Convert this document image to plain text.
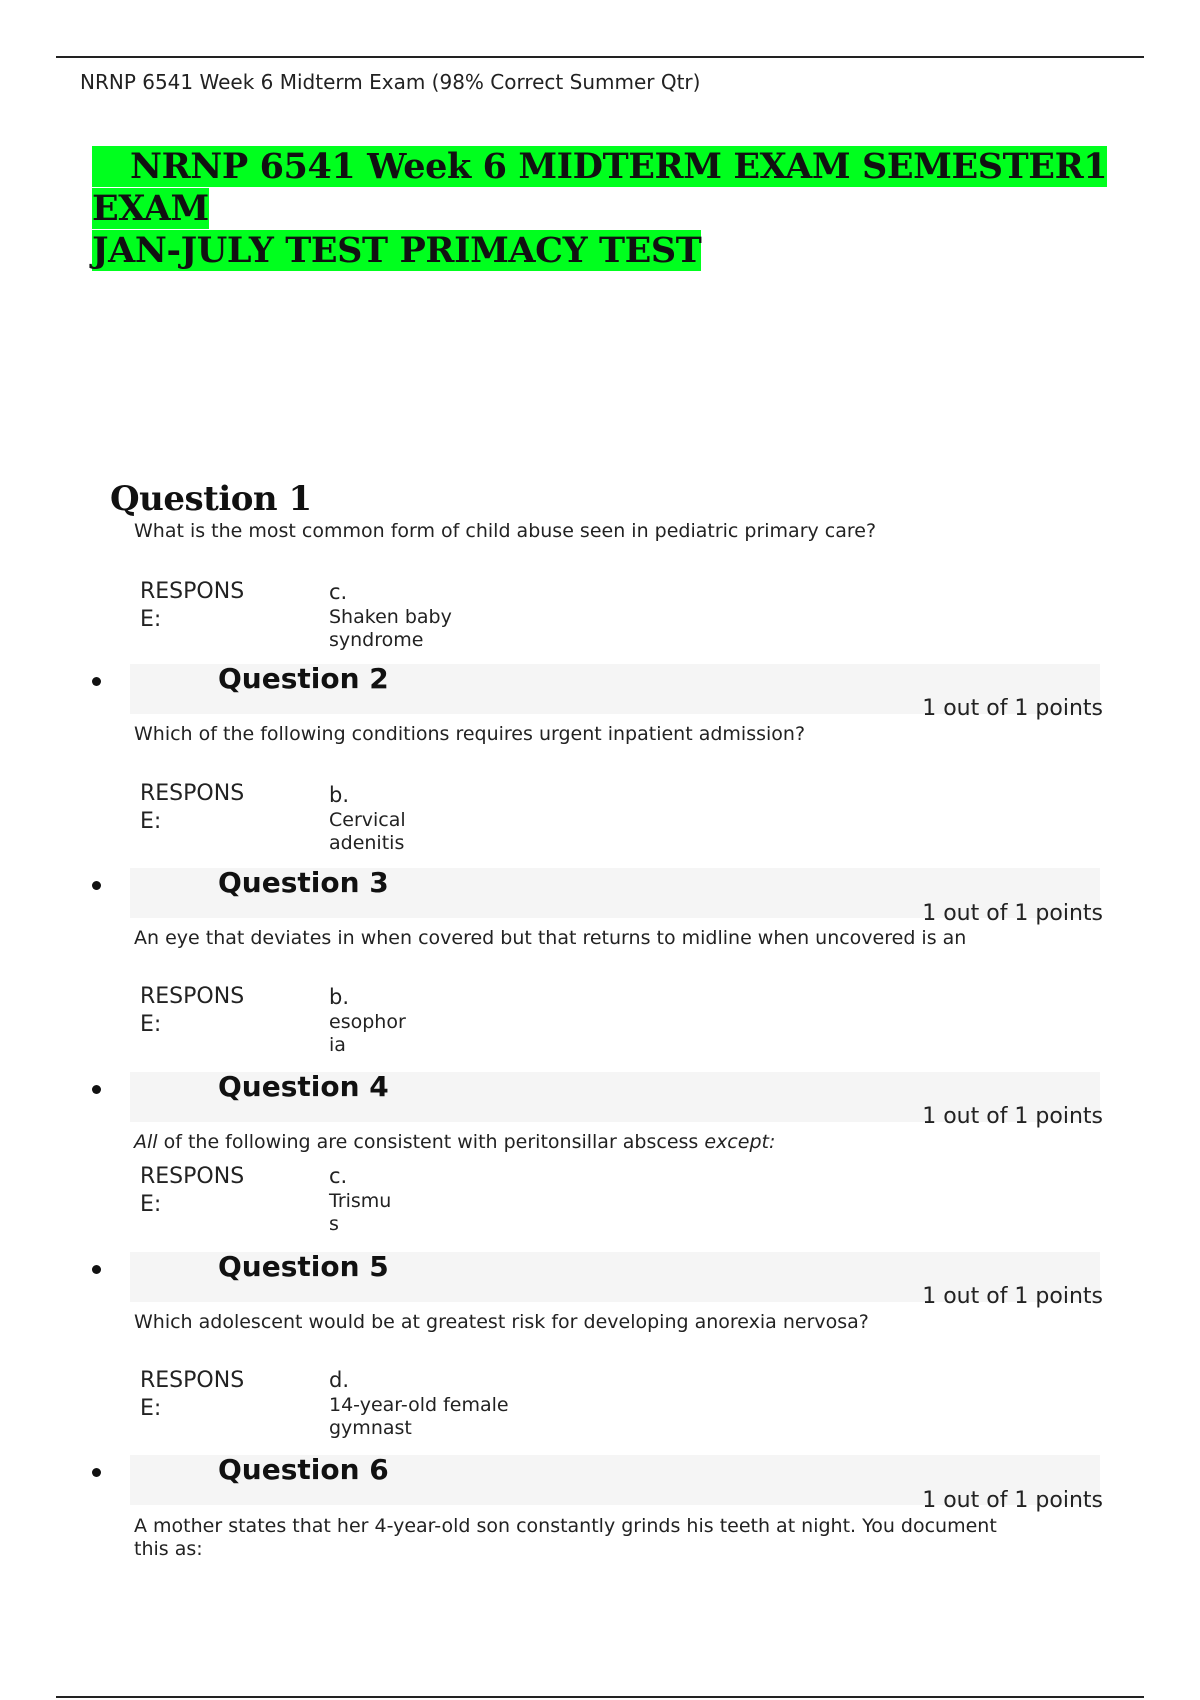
NRNP 6541 Week 6 Midterm Exam (98% Correct Summer Qtr)
NRNP 6541 Week 6 MIDTERM EXAM SEMESTER1 EXAM
JAN-JULY TEST PRIMACY TEST
Question 1
What is the most common form of child abuse seen in pediatric primary care?
RESPONS
E:
c.
Shaken baby
syndrome
Question 2
1 out of 1 points
Which of the following conditions requires urgent inpatient admission?
RESPONS
E:
b.
Cervical
adenitis
Question 3
1 out of 1 points
An eye that deviates in when covered but that returns to midline when uncovered is an
RESPONS
E:
b.
esophor
ia
Question 4
1 out of 1 points
All of the following are consistent with peritonsillar abscess except:
RESPONS
E:
c.
Trismu
s
Question 5
1 out of 1 points
Which adolescent would be at greatest risk for developing anorexia nervosa?
RESPONS
E:
d.
14-year-old female
gymnast
Question 6
1 out of 1 points
A mother states that her 4-year-old son constantly grinds his teeth at night. You document
this as:
